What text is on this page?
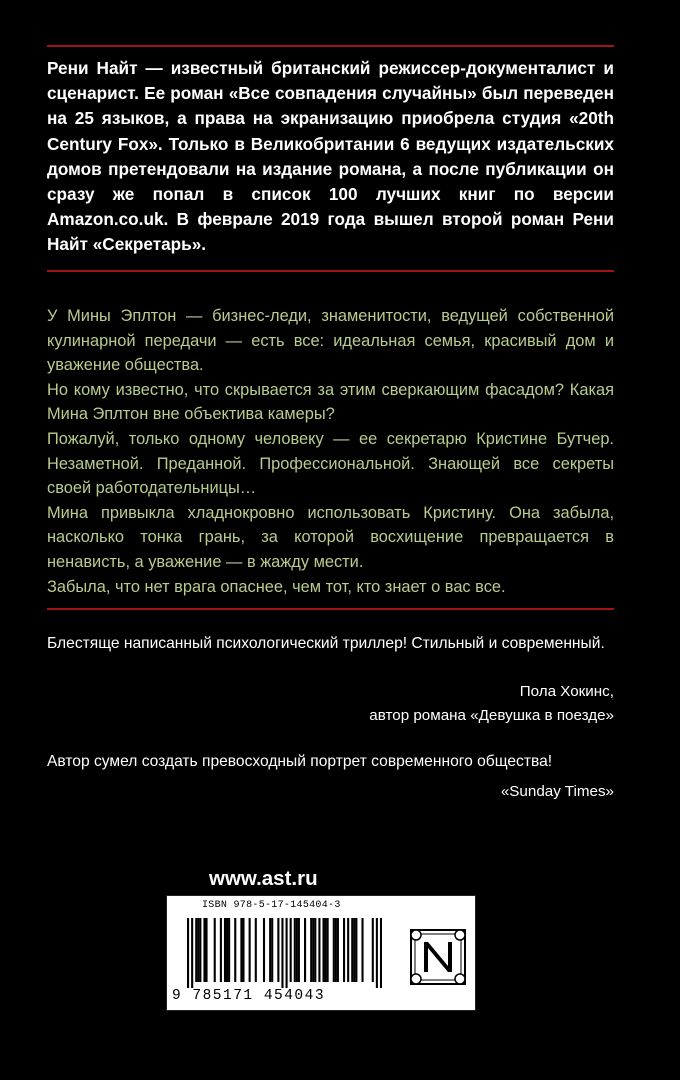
Рени Найт — известный британский режиссер-документалист и сценарист. Ее роман «Все совпадения случайны» был переведен на 25 языков, а права на экранизацию приобрела студия «20th Century Fox». Только в Великобритании 6 ведущих издательских домов претендовали на издание романа, а после публикации он сразу же попал в список 100 лучших книг по версии Amazon.co.uk. В феврале 2019 года вышел второй роман Рени Найт «Секретарь».

У Мины Эплтон — бизнес-леди, знаменитости, ведущей собственной кулинарной передачи — есть все: идеальная семья, красивый дом и уважение общества.

Но кому известно, что скрывается за этим сверкающим фасадом? Какая Мина Эплтон вне объектива камеры?

Пожалуй, только одному человеку — ее секретарю Кристине Бутчер. Незаметной. Преданной. Профессиональной. Знающей все секреты своей работодательницы…

Мина привыкла хладнокровно использовать Кристину. Она забыла, насколько тонка грань, за которой восхищение превращается в ненависть, а уважение — в жажду мести.

Забыла, что нет врага опаснее, чем тот, кто знает о вас все.

Блестяще написанный психологический триллер! Стильный и современный.

Пола Хокинс,
автор романа «Девушка в поезде»

Автор сумел создать превосходный портрет современного общества!

«Sunday Times»
www.ast.ru
ISBN 978-5-17-145404-3
9 785171 454043
